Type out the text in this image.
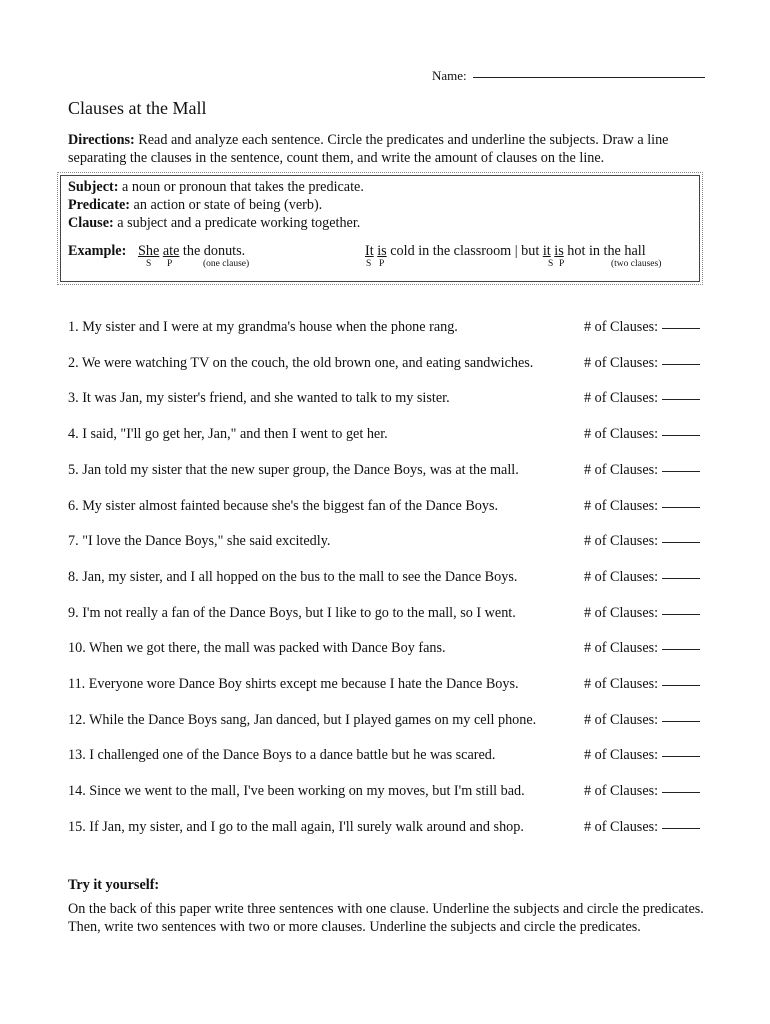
Name:
Clauses at the Mall
Directions: Read and analyze each sentence. Circle the predicates and underline the subjects. Draw a line separating the clauses in the sentence, count them, and write the amount of clauses on the line.
Subject: a noun or pronoun that takes the predicate.
Predicate: an action or state of being (verb).
Clause: a subject and a predicate working together.
Example: She ate the donuts.
S P	(one clause)
It is cold in the classroom | but it is hot in the hall
S P	S P	(two clauses)
1. My sister and I were at my grandma's house when the phone rang.	# of Clauses:
2. We were watching TV on the couch, the old brown one, and eating sandwiches.	# of Clauses:
3. It was Jan, my sister's friend, and she wanted to talk to my sister.	# of Clauses:
4. I said, "I'll go get her, Jan," and then I went to get her.	# of Clauses:
5. Jan told my sister that the new super group, the Dance Boys, was at the mall.	# of Clauses:
6. My sister almost fainted because she's the biggest fan of the Dance Boys.	# of Clauses:
7. "I love the Dance Boys," she said excitedly.	# of Clauses:
8. Jan, my sister, and I all hopped on the bus to the mall to see the Dance Boys.	# of Clauses:
9. I'm not really a fan of the Dance Boys, but I like to go to the mall, so I went.	# of Clauses:
10. When we got there, the mall was packed with Dance Boy fans.	# of Clauses:
11. Everyone wore Dance Boy shirts except me because I hate the Dance Boys.	# of Clauses:
12. While the Dance Boys sang, Jan danced, but I played games on my cell phone.	# of Clauses:
13. I challenged one of the Dance Boys to a dance battle but he was scared.	# of Clauses:
14. Since we went to the mall, I've been working on my moves, but I'm still bad.	# of Clauses:
15. If Jan, my sister, and I go to the mall again, I'll surely walk around and shop.	# of Clauses:
Try it yourself:
On the back of this paper write three sentences with one clause. Underline the subjects and circle the predicates. Then, write two sentences with two or more clauses. Underline the subjects and circle the predicates.
